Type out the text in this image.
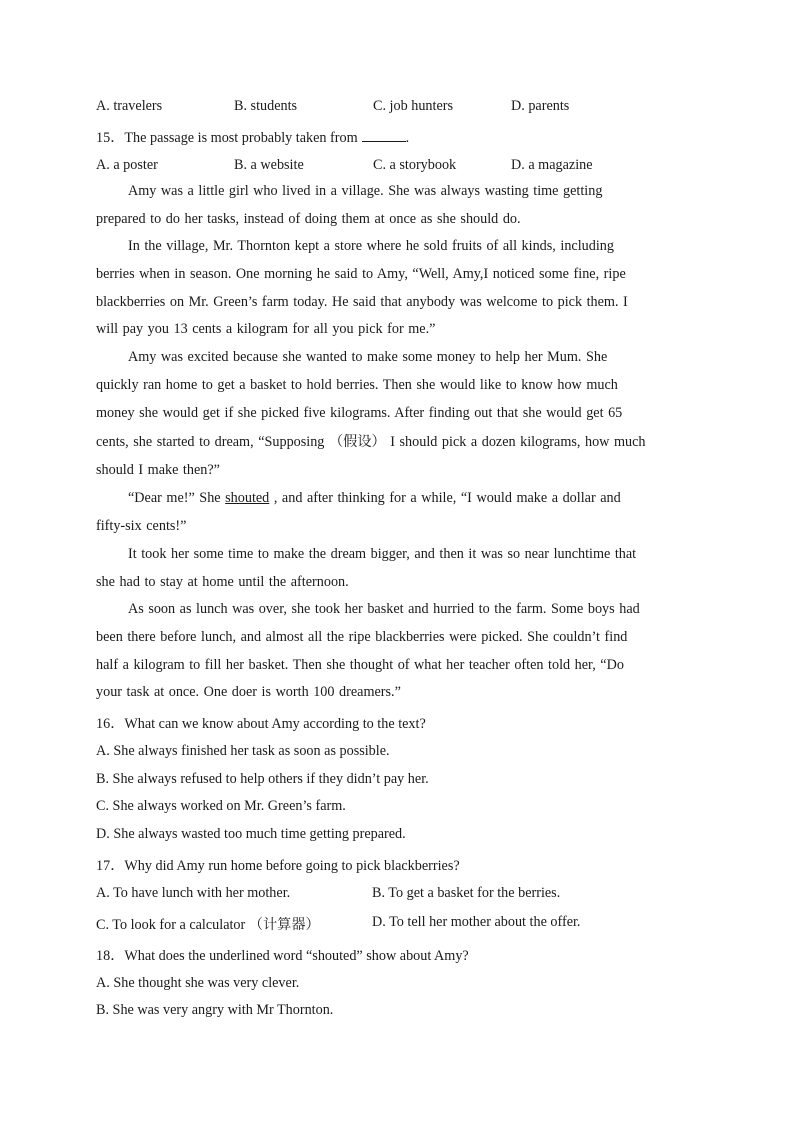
A. travelers	B. students	C. job hunters	D. parents
15．The passage is most probably taken from	.
A. a poster	B. a website	C. a storybook	D. a magazine
Amy was a little girl who lived in a village. She was always wasting time getting
prepared to do her tasks, instead of doing them at once as she should do.
In the village, Mr. Thornton kept a store where he sold fruits of all kinds, including
berries when in season. One morning he said to Amy, “Well, Amy,I noticed some fine, ripe
blackberries on Mr. Green’s farm today. He said that anybody was welcome to pick them. I
will pay you 13 cents a kilogram for all you pick for me.”
Amy was excited because she wanted to make some money to help her Mum. She
quickly ran home to get a basket to hold berries. Then she would like to know how much
money she would get if she picked five kilograms. After finding out that she would get 65
cents, she started to dream, “Supposing （假设） I should pick a dozen kilograms, how much
should I make then?”
“Dear me!” She shouted , and after thinking for a while, “I would make a dollar and
fifty-six cents!”
It took her some time to make the dream bigger, and then it was so near lunchtime that
she had to stay at home until the afternoon.
As soon as lunch was over, she took her basket and hurried to the farm. Some boys had
been there before lunch, and almost all the ripe blackberries were picked. She couldn’t find
half a kilogram to fill her basket. Then she thought of what her teacher often told her, “Do
your task at once. One doer is worth 100 dreamers.”
16．What can we know about Amy according to the text?
A. She always finished her task as soon as possible.
B. She always refused to help others if they didn’t pay her.
C. She always worked on Mr. Green’s farm.
D. She always wasted too much time getting prepared.
17．Why did Amy run home before going to pick blackberries?
A. To have lunch with her mother.	B. To get a basket for the berries.
C. To look for a calculator （计算器）	D. To tell her mother about the offer.
18．What does the underlined word “shouted” show about Amy?
A. She thought she was very clever.
B. She was very angry with Mr Thornton.
